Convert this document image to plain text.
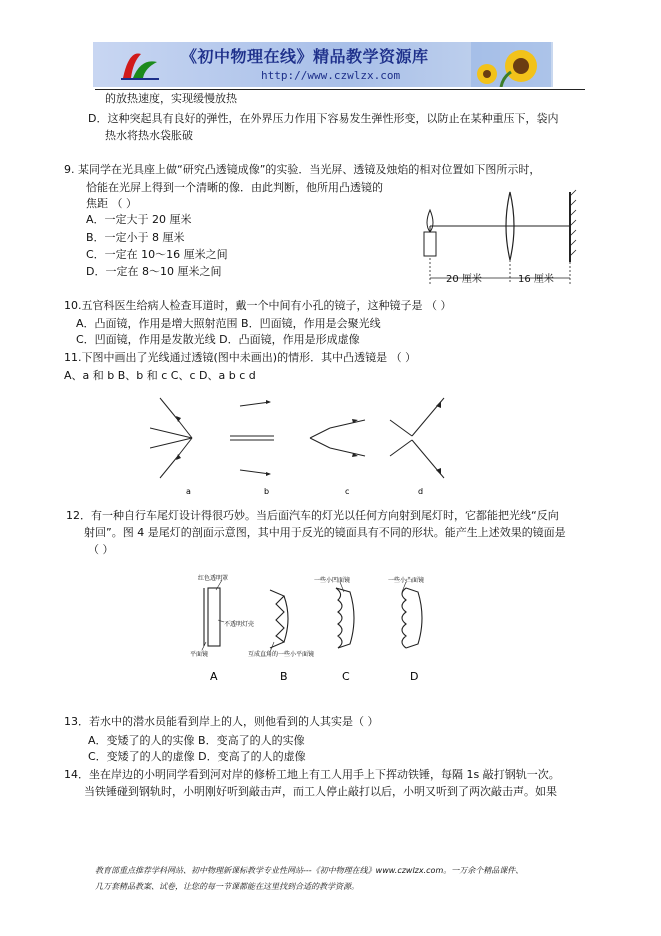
《初中物理在线》精品教学资源库
http://www.czwlzx.com
的放热速度，实现缓慢放热
D．这种突起具有良好的弹性，在外界压力作用下容易发生弹性形变，以防止在某种重压下，袋内
热水将热水袋胀破
9. 某同学在光具座上做“研究凸透镜成像”的实验．当光屏、透镜及烛焰的相对位置如下图所示时，
恰能在光屏上得到一个清晰的像．由此判断，他所用凸透镜的
焦距 （ ）
A．一定大于 20 厘米
B．一定小于 8 厘米
C．一定在 10～16 厘米之间
D．一定在 8～10 厘米之间
20 厘米	16 厘米
10.五官科医生给病人检查耳道时，戴一个中间有小孔的镜子，这种镜子是 （ ）
A．凸面镜，作用是增大照射范围 B．凹面镜，作用是会聚光线
C．凹面镜，作用是发散光线 D．凸面镜，作用是形成虚像
11.下图中画出了光线通过透镜(图中未画出)的情形．其中凸透镜是 （ ）
A、a 和 b B、b 和 c C、c D、a b c d
a	b	c	d
12．有一种自行车尾灯设计得很巧妙。当后面汽车的灯光以任何方向射到尾灯时，它都能把光线“反向
射回”。图 4 是尾灯的剖面示意图，其中用于反光的镜面具有不同的形状。能产生上述效果的镜面是
（ ）
红色透明罩
不透明灯壳
平面镜	互成直角的一些小平面镜
一些小凹面镜	一些小凸面镜
A	B	C	D
13．若水中的潜水员能看到岸上的人，则他看到的人其实是（ ）
A．变矮了的人的实像 B．变高了的人的实像
C．变矮了的人的虚像 D．变高了的人的虚像
14．坐在岸边的小明同学看到河对岸的修桥工地上有工人用手上下挥动铁锤，每隔 1s 敲打钢轨一次。
当铁锤碰到钢轨时，小明刚好听到敲击声，而工人停止敲打以后，小明又听到了两次敲击声。如果
教育部重点推荐学科网站、初中物理新课标教学专业性网站---《初中物理在线》www.czwlzx.com。一万余个精品课件、
几万套精品教案、试卷，让您的每一节课都能在这里找到合适的教学资源。
